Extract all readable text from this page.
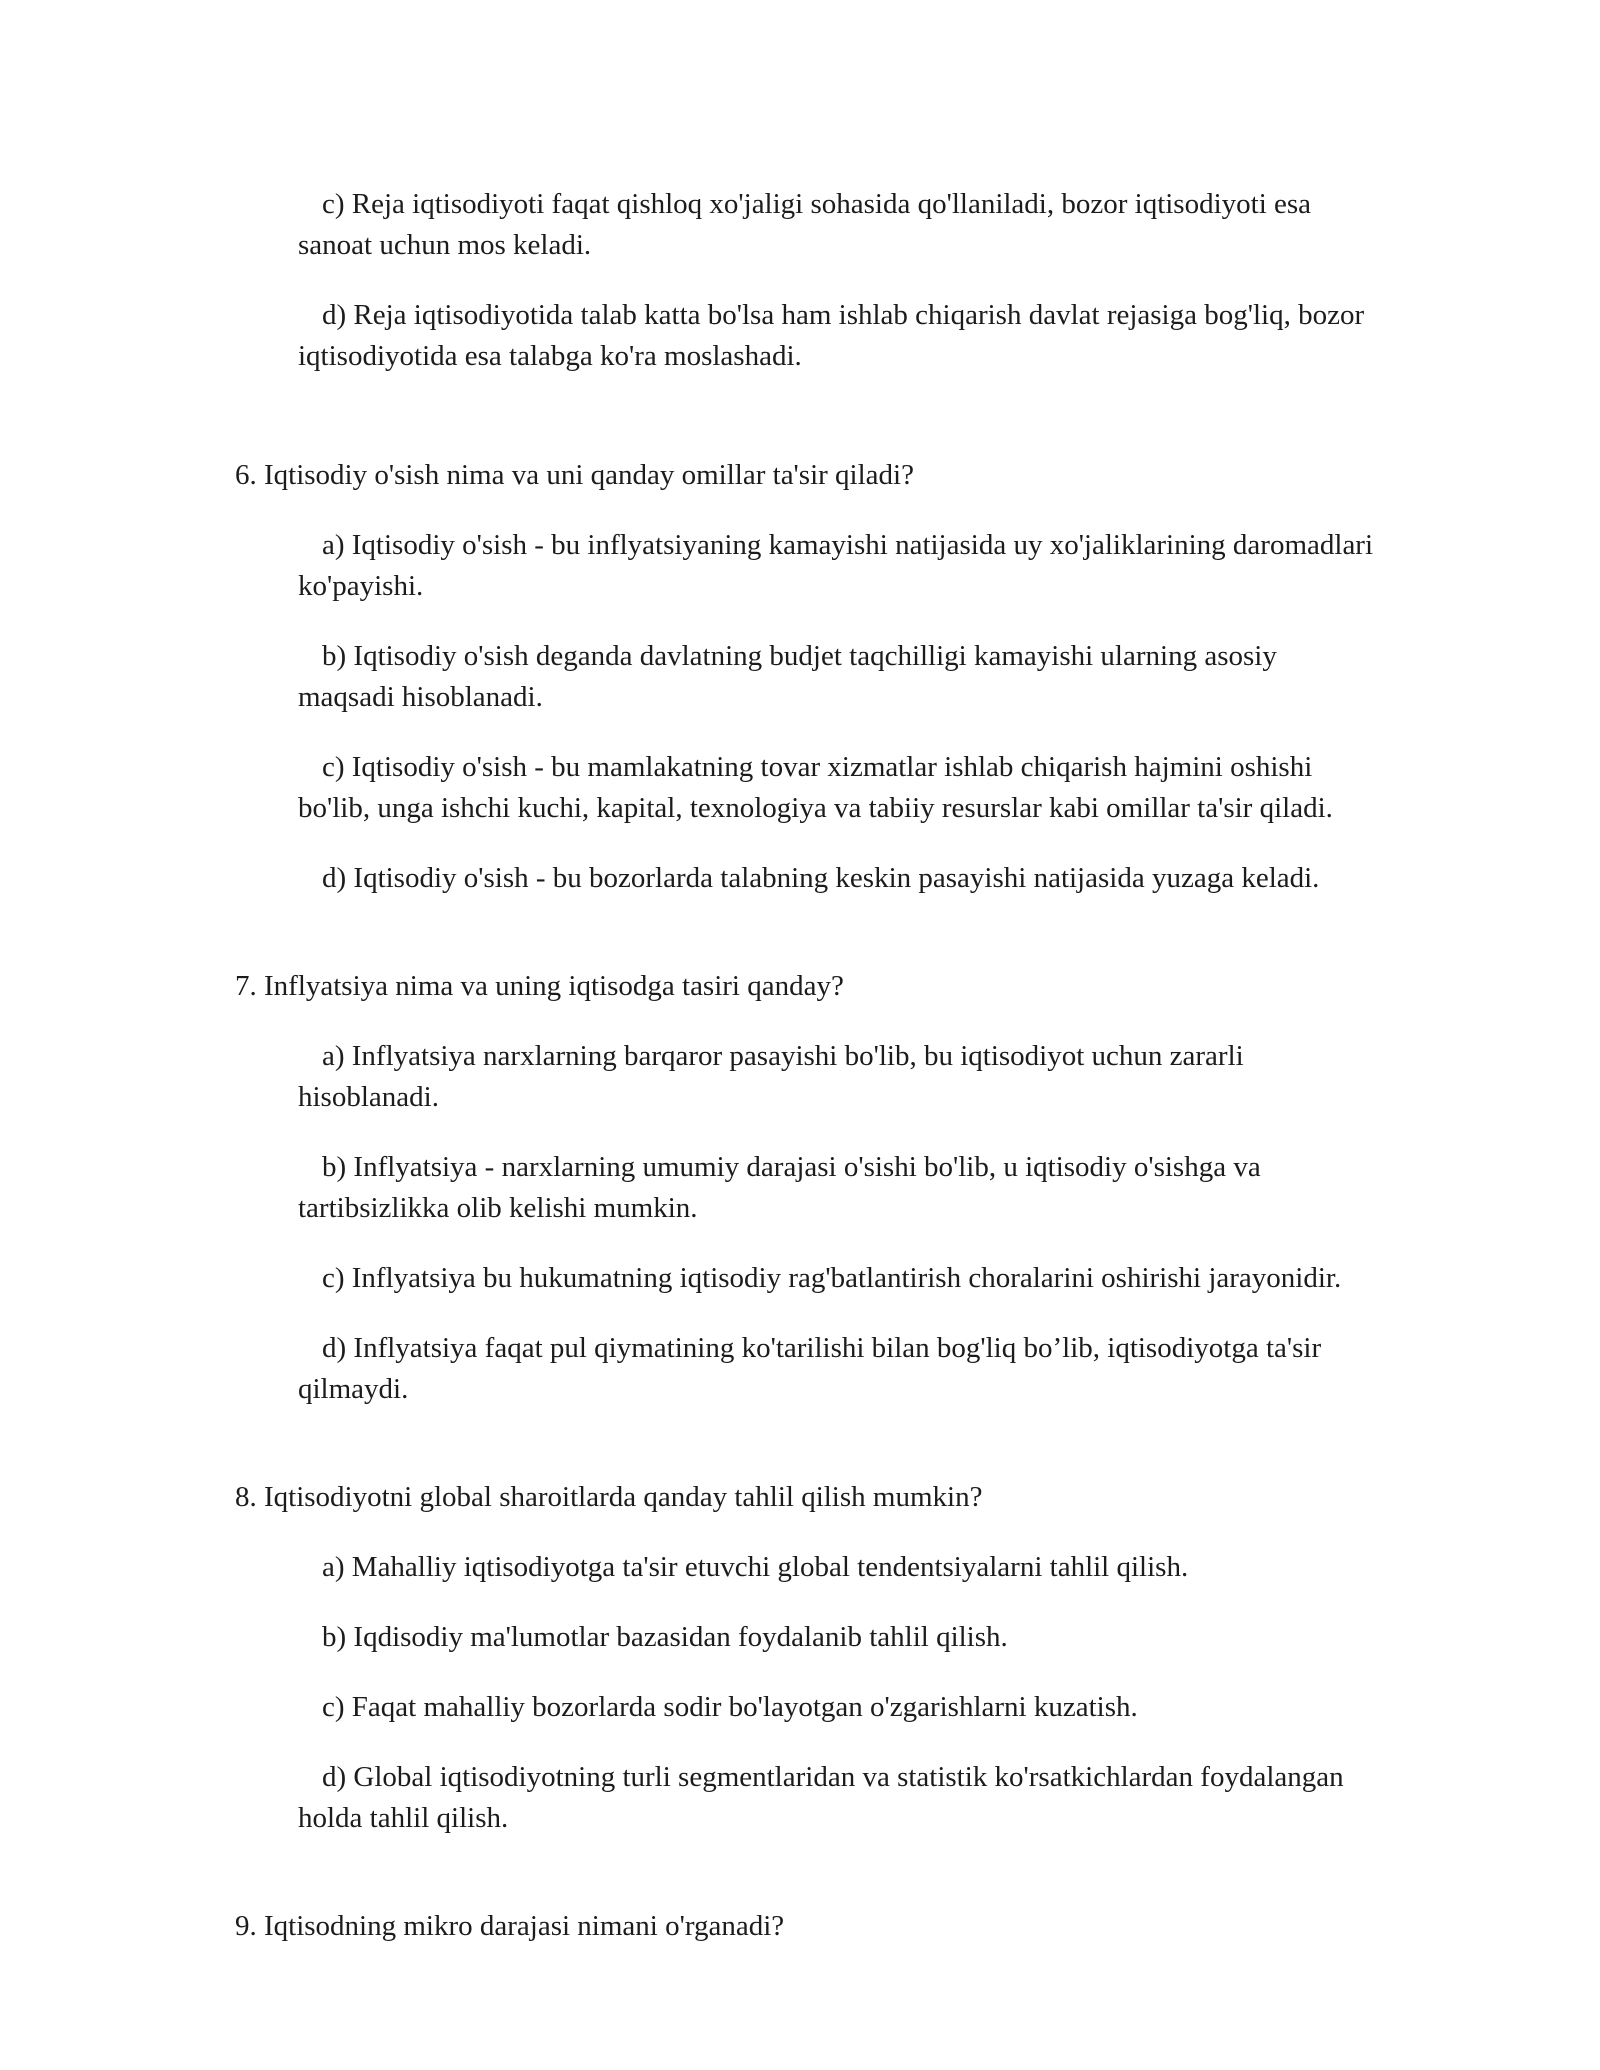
c) Reja iqtisodiyoti faqat qishloq xo'jaligi sohasida qo'llaniladi, bozor iqtisodiyoti esa sanoat uchun mos keladi.

d) Reja iqtisodiyotida talab katta bo'lsa ham ishlab chiqarish davlat rejasiga bog'liq, bozor iqtisodiyotida esa talabga ko'ra moslashadi.

6. Iqtisodiy o'sish nima va uni qanday omillar ta'sir qiladi?

a) Iqtisodiy o'sish - bu inflyatsiyaning kamayishi natijasida uy xo'jaliklarining daromadlari ko'payishi.

b) Iqtisodiy o'sish deganda davlatning budjet taqchilligi kamayishi ularning asosiy maqsadi hisoblanadi.

c) Iqtisodiy o'sish - bu mamlakatning tovar xizmatlar ishlab chiqarish hajmini oshishi bo'lib, unga ishchi kuchi, kapital, texnologiya va tabiiy resurslar kabi omillar ta'sir qiladi.

d) Iqtisodiy o'sish - bu bozorlarda talabning keskin pasayishi natijasida yuzaga keladi.

7. Inflyatsiya nima va uning iqtisodga tasiri qanday?

a) Inflyatsiya narxlarning barqaror pasayishi bo'lib, bu iqtisodiyot uchun zararli hisoblanadi.

b) Inflyatsiya - narxlarning umumiy darajasi o'sishi bo'lib, u iqtisodiy o'sishga va tartibsizlikka olib kelishi mumkin.

c) Inflyatsiya bu hukumatning iqtisodiy rag'batlantirish choralarini oshirishi jarayonidir.

d) Inflyatsiya faqat pul qiymatining ko'tarilishi bilan bog'liq bo’lib, iqtisodiyotga ta'sir qilmaydi.

8. Iqtisodiyotni global sharoitlarda qanday tahlil qilish mumkin?

a) Mahalliy iqtisodiyotga ta'sir etuvchi global tendentsiyalarni tahlil qilish.

b) Iqdisodiy ma'lumotlar bazasidan foydalanib tahlil qilish.

c) Faqat mahalliy bozorlarda sodir bo'layotgan o'zgarishlarni kuzatish.

d) Global iqtisodiyotning turli segmentlaridan va statistik ko'rsatkichlardan foydalangan holda tahlil qilish.

9. Iqtisodning mikro darajasi nimani o'rganadi?
